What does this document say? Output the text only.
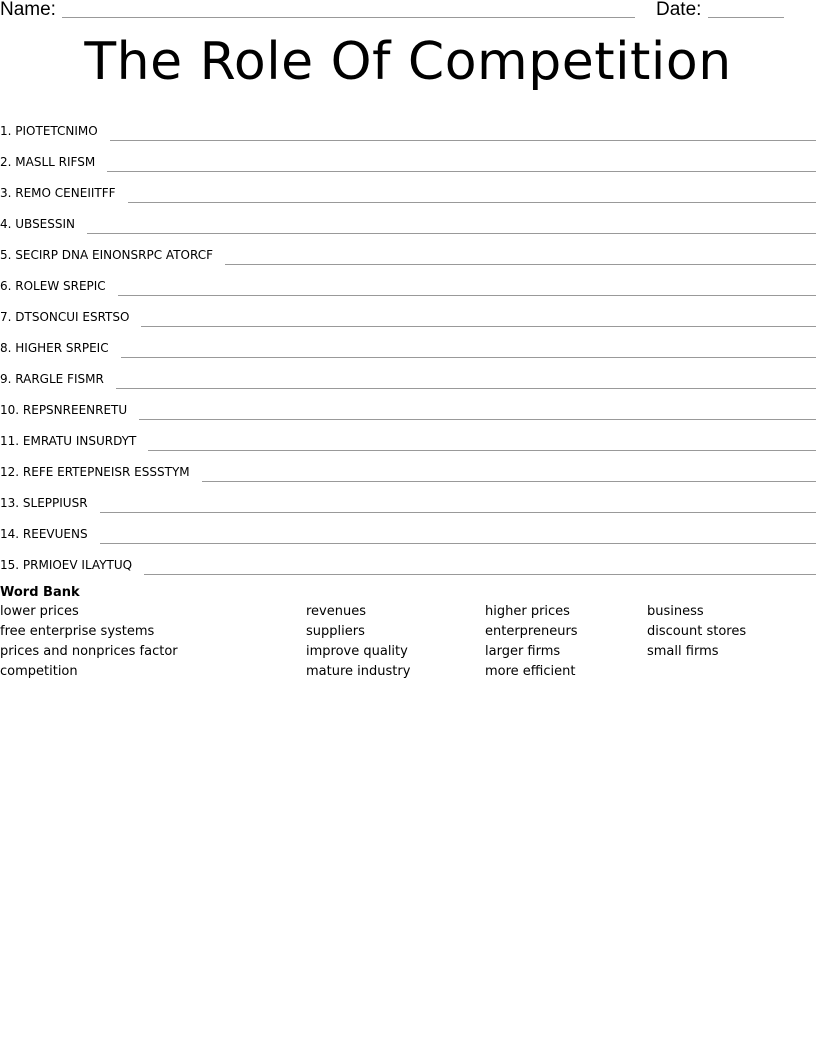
Name:	Date:
The Role Of Competition
1. PIOTETCNIMO
2. MASLL RIFSM
3. REMO CENEIITFF
4. UBSESSIN
5. SECIRP DNA EINONSRPC ATORCF
6. ROLEW SREPIC
7. DTSONCUI ESRTSO
8. HIGHER SRPEIC
9. RARGLE FISMR
10. REPSNREENRETU
11. EMRATU INSURDYT
12. REFE ERTEPNEISR ESSSTYM
13. SLEPPIUSR
14. REEVUENS
15. PRMIOEV ILAYTUQ
Word Bank
lower prices
free enterprise systems
prices and nonprices factor
competition
revenues
suppliers
improve quality
mature industry
higher prices
enterpreneurs
larger firms
more efficient
business
discount stores
small firms
